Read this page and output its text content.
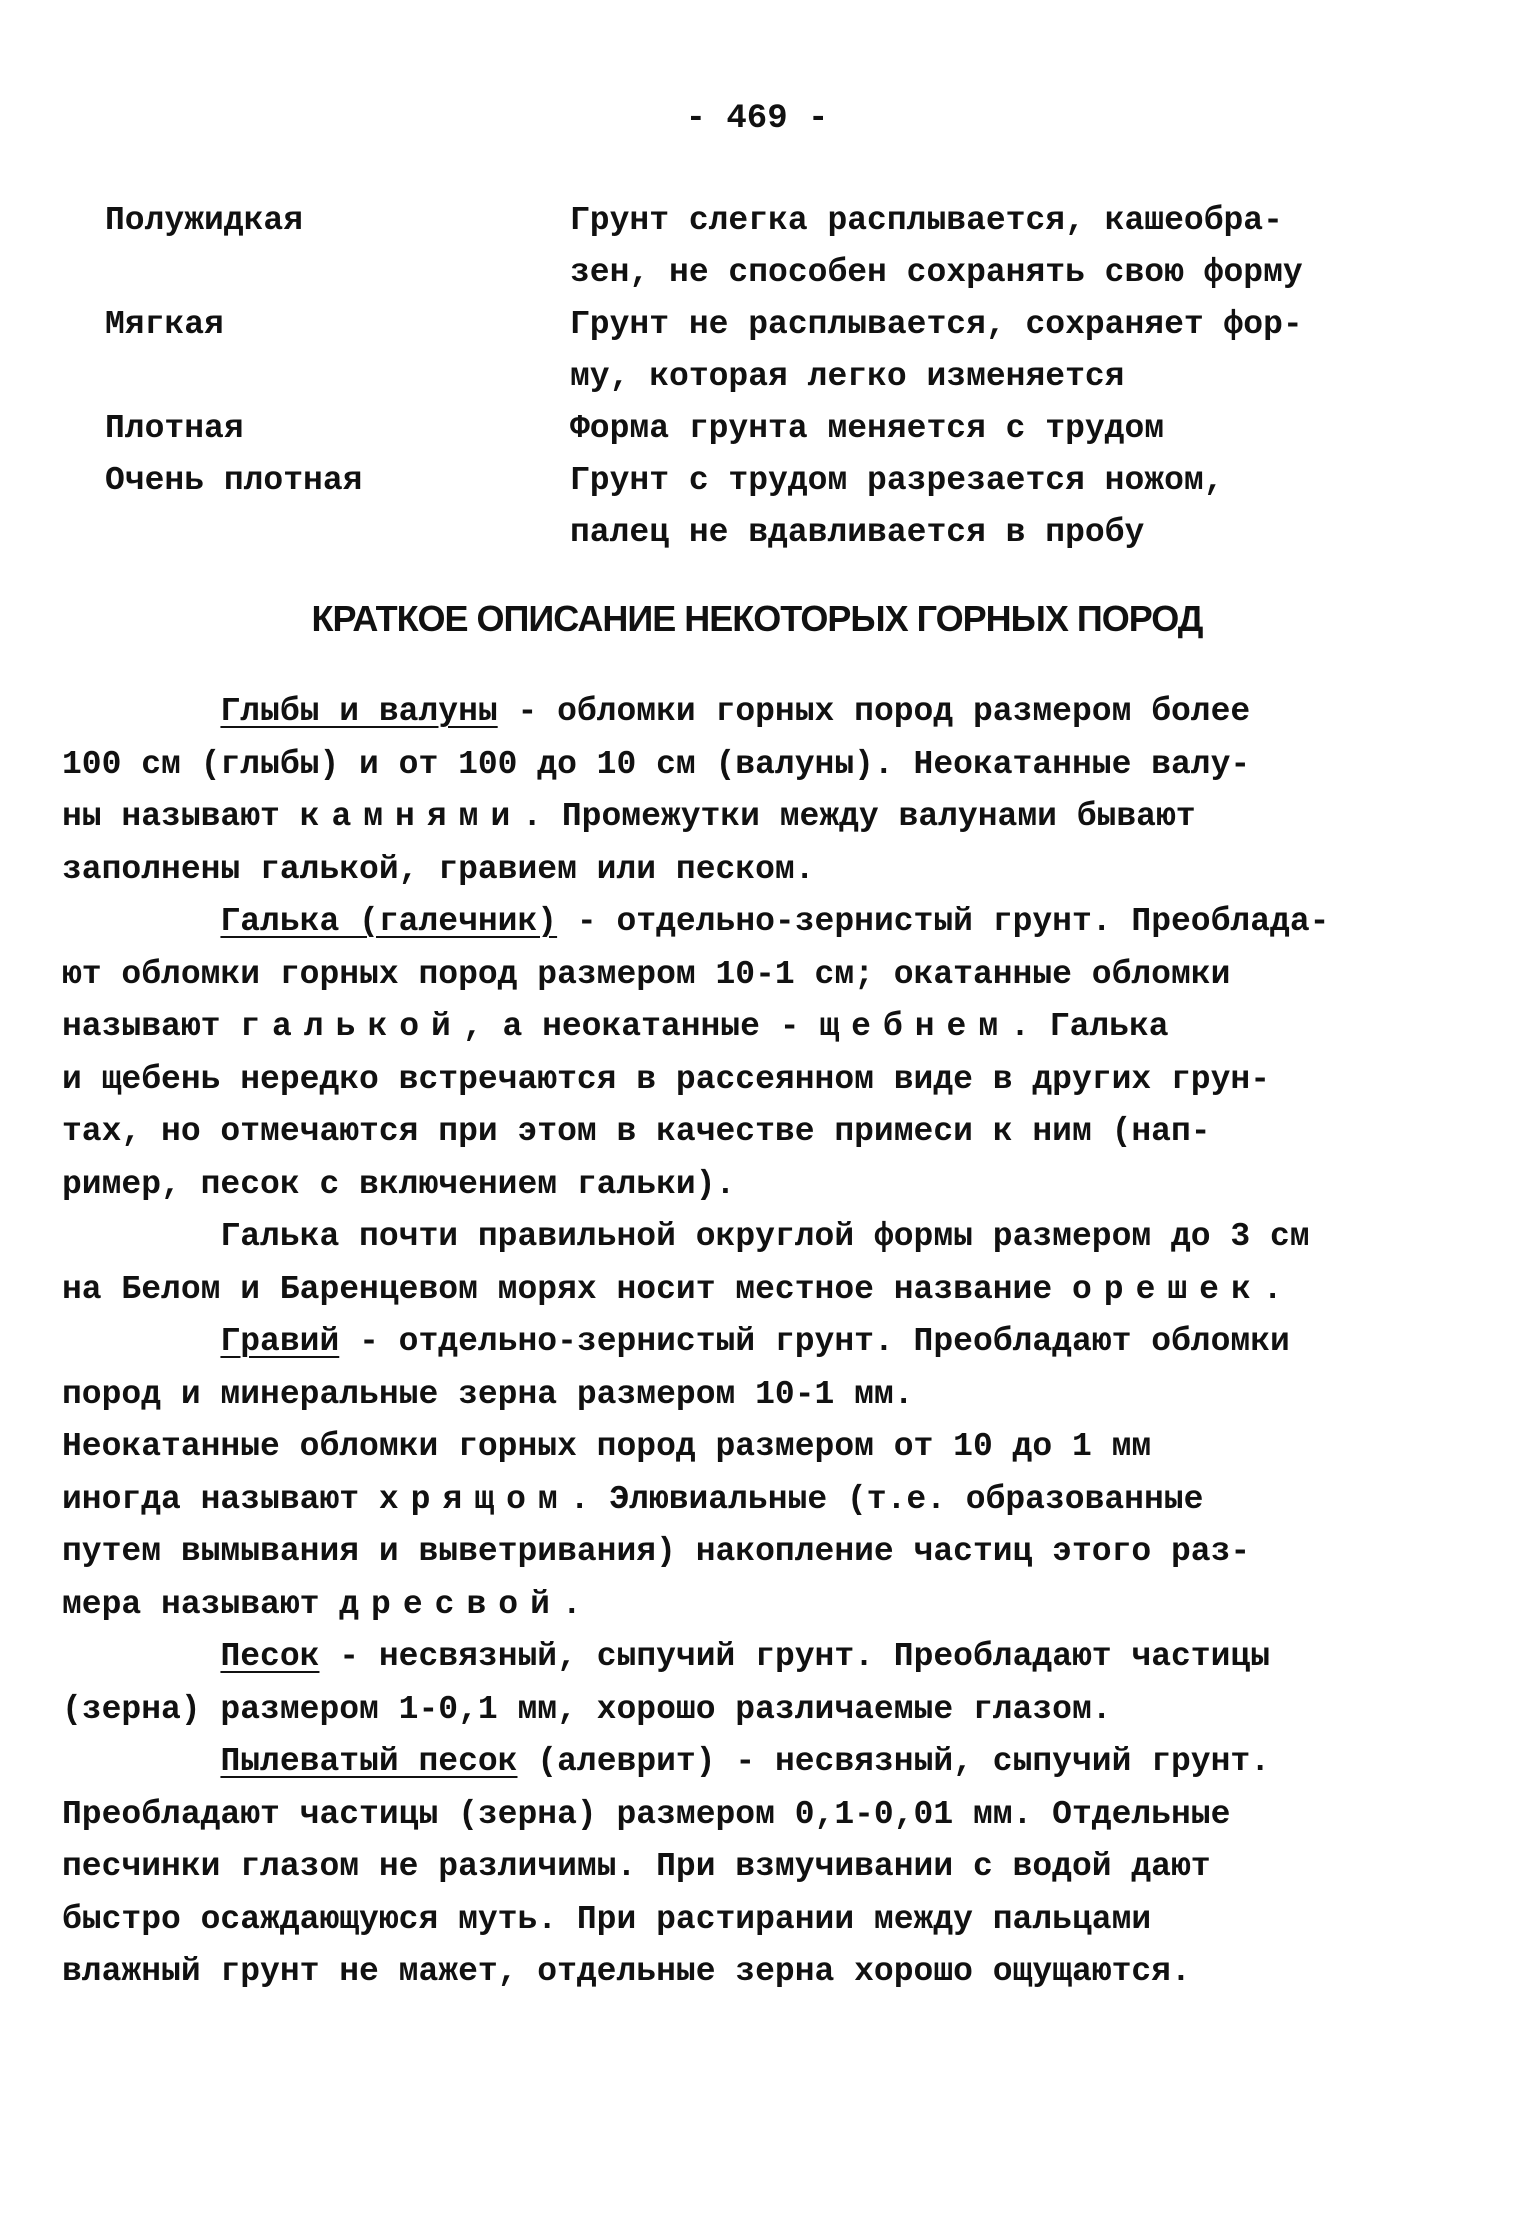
- 469 -
Полужидкая	Грунт слегка расплывается, кашеобра-
зен, не способен сохранять свою форму
Мягкая	Грунт не расплывается, сохраняет фор-
му, которая легко изменяется
Плотная	Форма грунта меняется с трудом
Очень плотная	Грунт с трудом разрезается ножом,
палец не вдавливается в пробу
КРАТКОЕ ОПИСАНИЕ НЕКОТОРЫХ ГОРНЫХ ПОРОД
Глыбы и валуны - обломки горных пород размером более
100 см (глыбы) и от 100 до 10 см (валуны). Неокатанные валу-
ны называют камнями. Промежутки между валунами бывают
заполнены галькой, гравием или песком.
Галька (галечник) - отдельно-зернистый грунт. Преоблада-
ют обломки горных пород размером 10-1 см; окатанные обломки
называют галькой, а неокатанные - щебнем. Галька
и щебень нередко встречаются в рассеянном виде в других грун-
тах, но отмечаются при этом в качестве примеси к ним (нап-
ример, песок с включением гальки).
Галька почти правильной округлой формы размером до 3 см
на Белом и Баренцевом морях носит местное название орешек.
Гравий - отдельно-зернистый грунт. Преобладают обломки
пород и минеральные зерна размером 10-1 мм.
Неокатанные обломки горных пород размером от 10 до 1 мм
иногда называют хрящом. Элювиальные (т.е. образованные
путем вымывания и выветривания) накопление частиц этого раз-
мера называют дресвой.
Песок - несвязный, сыпучий грунт. Преобладают частицы
(зерна) размером 1-0,1 мм, хорошо различаемые глазом.
Пылеватый песок (алеврит) - несвязный, сыпучий грунт.
Преобладают частицы (зерна) размером 0,1-0,01 мм. Отдельные
песчинки глазом не различимы. При взмучивании с водой дают
быстро осаждающуюся муть. При растирании между пальцами
влажный грунт не мажет, отдельные зерна хорошо ощущаются.
